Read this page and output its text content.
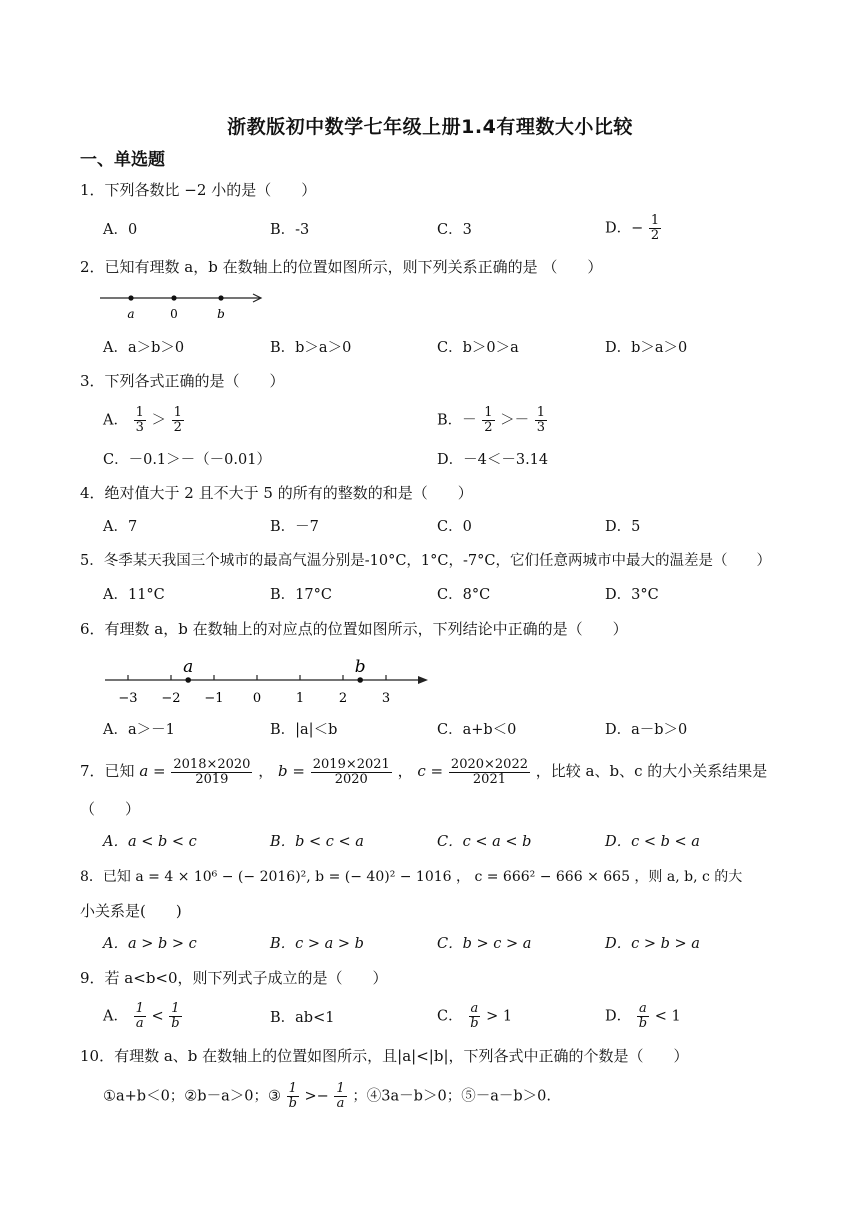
浙教版初中数学七年级上册1.4有理数大小比较
一、单选题
1．下列各数比 −2 小的是（　　）
A．0	B．-3	C．3	D．− $\frac{1}{2}$
2．已知有理数 a，b 在数轴上的位置如图所示，则下列关系正确的是 （　　）
a	0	b
A．a＞b＞0	B．b＞a＞0	C．b＞0＞a	D．b＞a＞0
3．下列各式正确的是（　　）
A． $\frac{1}{3} > \frac{1}{2}$	B．－ $\frac{1}{2} >- \frac{1}{3}$
C．－0.1＞－（－0.01）	D．－4＜－3.14
4．绝对值大于 2 且不大于 5 的所有的整数的和是（　　）
A．7	B．－7	C．0	D．5
5．冬季某天我国三个城市的最高气温分别是-10°C，1°C，-7°C，它们任意两城市中最大的温差是（　　）
A．11°C	B．17°C	C．8°C	D．3°C
6．有理数 a，b 在数轴上的对应点的位置如图所示，下列结论中正确的是（　　）
−3 −2 −1 0	1	2	3
a	b
A．a＞－1	B．|a|＜b	C．a+b＜0	D．a－b＞0
7．已知 $a = \frac{2018\times 2020}{2019}$ ， $b = \frac{2019\times 2021}{2020}$ ， $c = \frac{2020\times 2022}{2021}$ ，比较 a、b、c 的大小关系结果是
（　　）
A．a < b < c	B．b < c < a	C．c < a < b	D．c < b < a
8．已知 a = 4 × 10⁶ − (− 2016)², b = (− 40)² − 1016 ， c = 666² − 666 × 665 ，则 a, b, c 的大
小关系是(　　)
A．a > b > c	B．c > a > b	C．b > c > a	D．c > b > a
9．若 a<b<0，则下列式子成立的是（　　）
A． $\frac{1}{a} < \frac{1}{b}$	B．ab<1	C． $\frac{a}{b} > 1$	D． $\frac{a}{b} < 1$
10．有理数 a、b 在数轴上的位置如图所示，且|a|<|b|，下列各式中正确的个数是（　　）
①a+b＜0；②b－a＞0；③ $\frac{1}{b} >- \frac{1}{a}$ ；④3a－b＞0；⑤－a－b＞0.
